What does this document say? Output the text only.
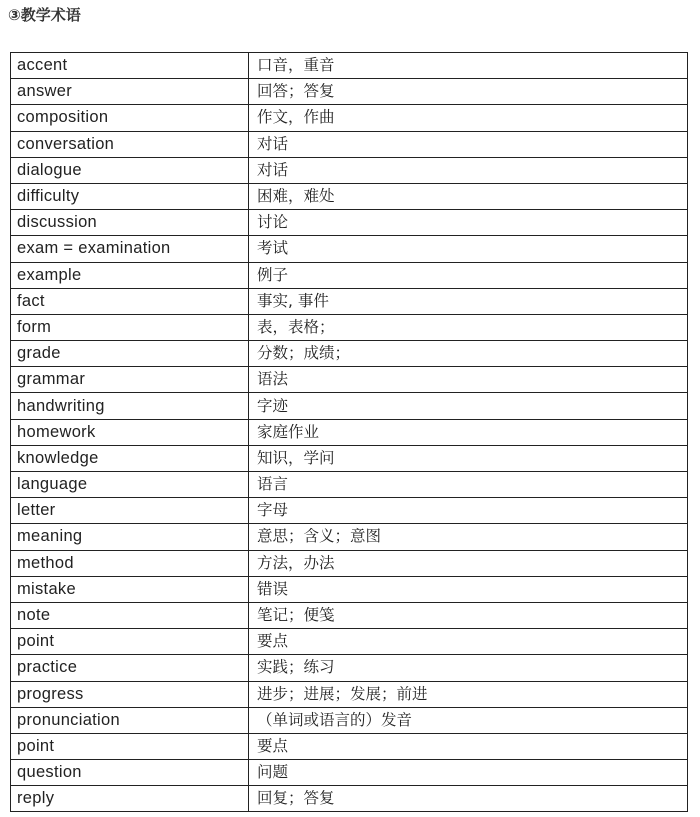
③教学术语
accent	口音，重音
answer	回答；答复
composition	作文，作曲
conversation	对话
dialogue	对话
difficulty	困难，难处
discussion	讨论
exam = examination	考试
example	例子
fact	事实, 事件
form	表，表格；
grade	分数；成绩；
grammar	语法
handwriting	字迹
homework	家庭作业
knowledge	知识，学问
language	语言
letter	字母
meaning	意思；含义；意图
method	方法，办法
mistake	错误
note	笔记；便笺
point	要点
practice	实践；练习
progress	进步；进展；发展；前进
pronunciation	（单词或语言的）发音
point	要点
question	问题
reply	回复；答复
